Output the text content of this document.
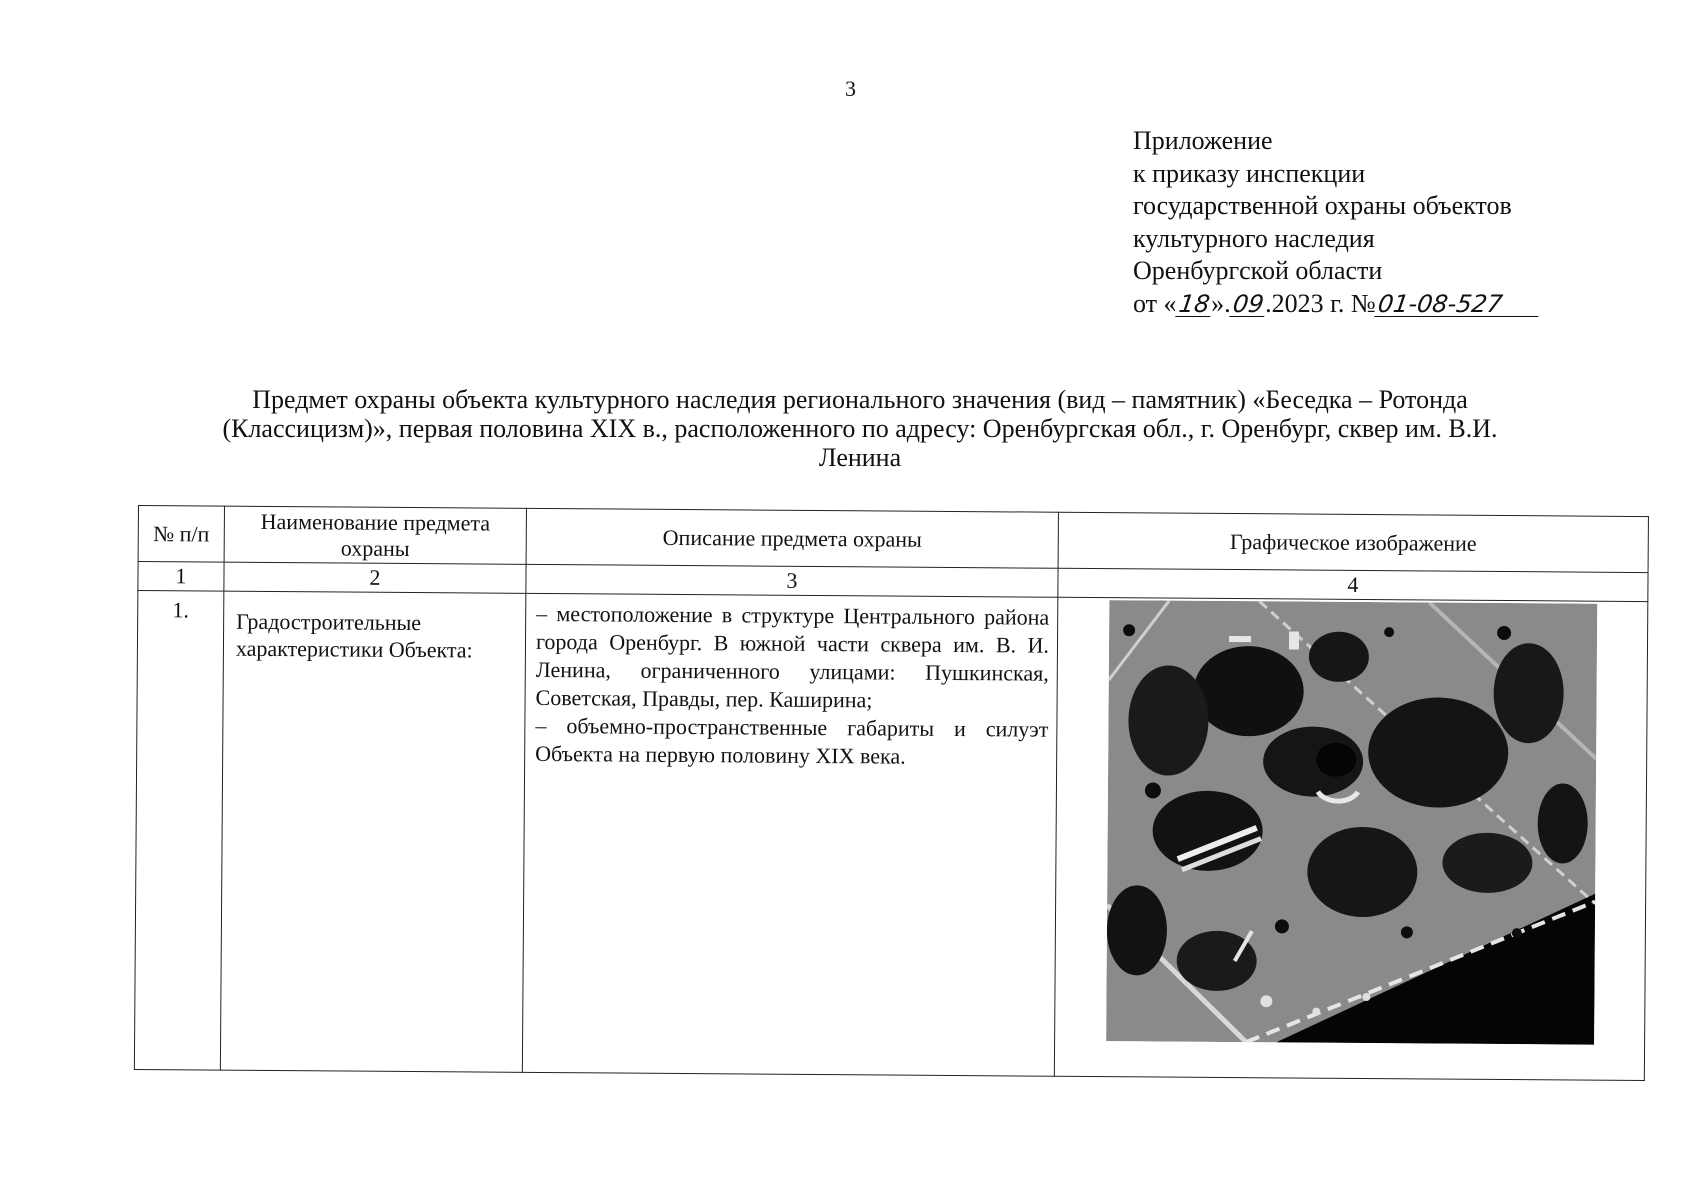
3
Приложение
к приказу инспекции
государственной охраны объектов
культурного наследия
Оренбургской области
от «18».09.2023 г. №01-08-527
Предмет охраны объекта культурного наследия регионального значения (вид – памятник) «Беседка – Ротонда
(Классицизм)», первая половина XIX в., расположенного по адресу: Оренбургская обл., г. Оренбург, сквер им. В.И.
Ленина
№ п/п	Наименование предмета охраны	Описание предмета охраны	Графическое изображение
1	2	3	4
1.	Градостроительные характеристики Объекта:	– местоположение в структуре Центрального района города Оренбург. В южной части сквера им. В. И. Ленина, ограниченного улицами: Пушкинская, Советская, Правды, пер. Каширина;

– объемно-пространственные габариты и силуэт Объекта на первую половину XIX века.
